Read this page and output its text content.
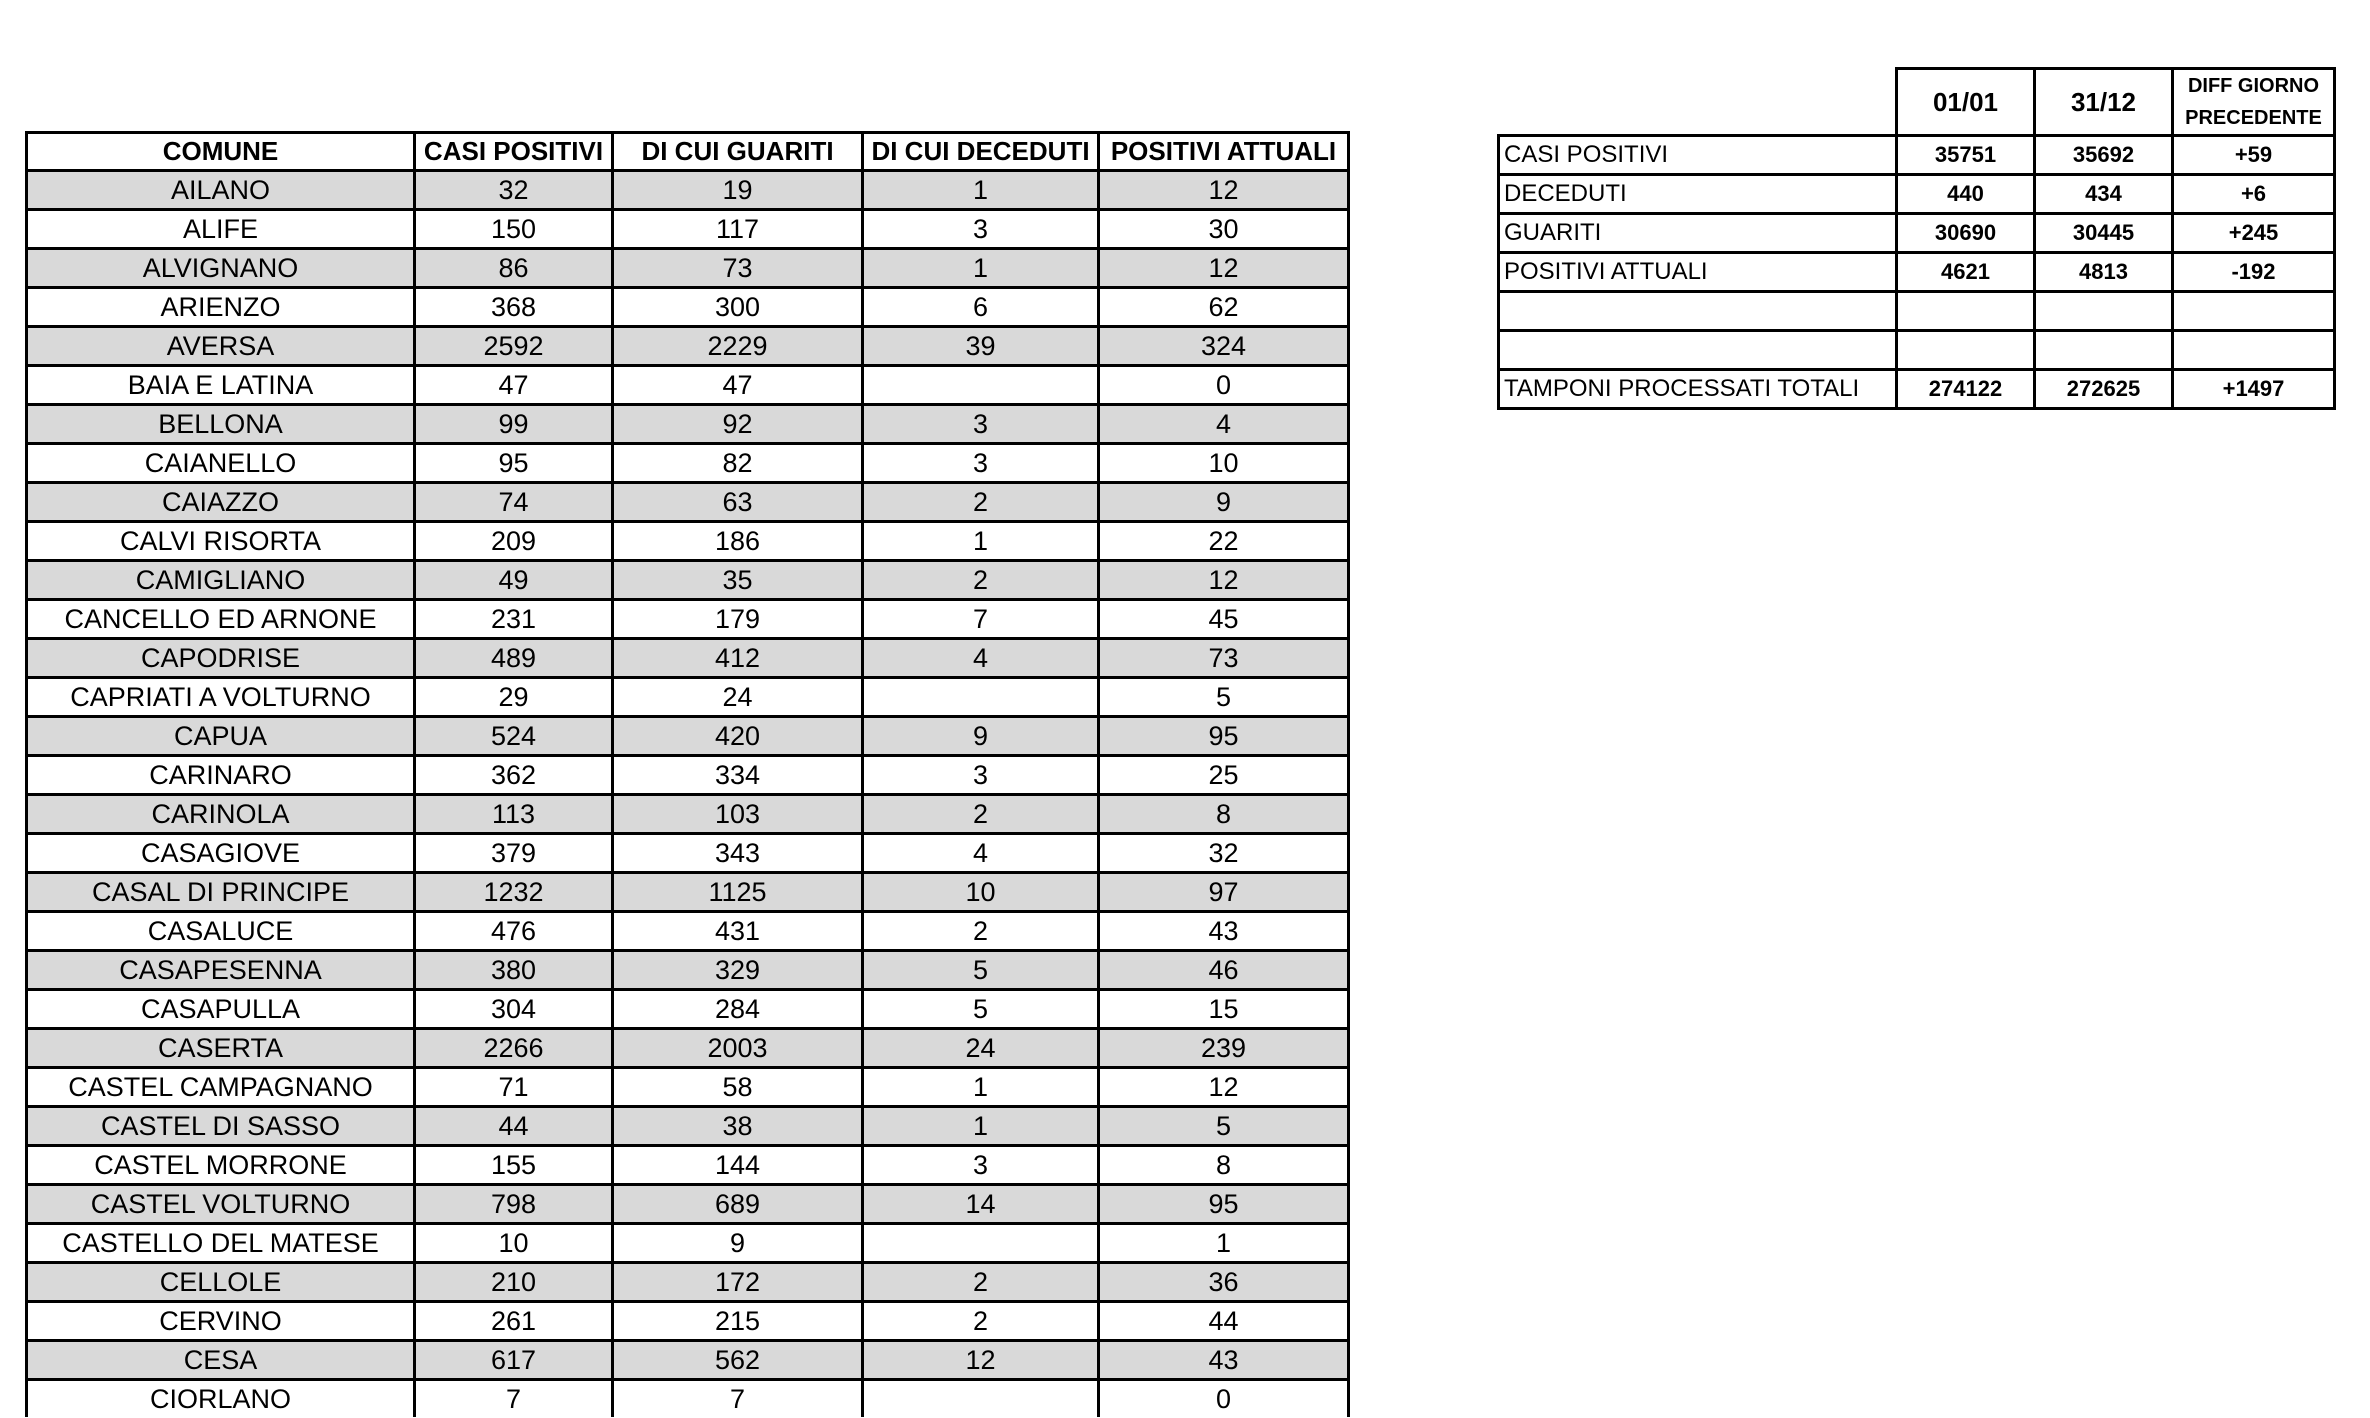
COMUNE	CASI POSITIVI	DI CUI GUARITI	DI CUI DECEDUTI	POSITIVI ATTUALI
AILANO	32	19	1	12
ALIFE	150	117	3	30
ALVIGNANO	86	73	1	12
ARIENZO	368	300	6	62
AVERSA	2592	2229	39	324
BAIA E LATINA	47	47		0
BELLONA	99	92	3	4
CAIANELLO	95	82	3	10
CAIAZZO	74	63	2	9
CALVI RISORTA	209	186	1	22
CAMIGLIANO	49	35	2	12
CANCELLO ED ARNONE	231	179	7	45
CAPODRISE	489	412	4	73
CAPRIATI A VOLTURNO	29	24		5
CAPUA	524	420	9	95
CARINARO	362	334	3	25
CARINOLA	113	103	2	8
CASAGIOVE	379	343	4	32
CASAL DI PRINCIPE	1232	1125	10	97
CASALUCE	476	431	2	43
CASAPESENNA	380	329	5	46
CASAPULLA	304	284	5	15
CASERTA	2266	2003	24	239
CASTEL CAMPAGNANO	71	58	1	12
CASTEL DI SASSO	44	38	1	5
CASTEL MORRONE	155	144	3	8
CASTEL VOLTURNO	798	689	14	95
CASTELLO DEL MATESE	10	9		1
CELLOLE	210	172	2	36
CERVINO	261	215	2	44
CESA	617	562	12	43
CIORLANO	7	7		0
	01/01	31/12	DIFF GIORNO PRECEDENTE
CASI POSITIVI	35751	35692	+59
DECEDUTI	440	434	+6
GUARITI	30690	30445	+245
POSITIVI ATTUALI	4621	4813	-192

TAMPONI PROCESSATI TOTALI	274122	272625	+1497
